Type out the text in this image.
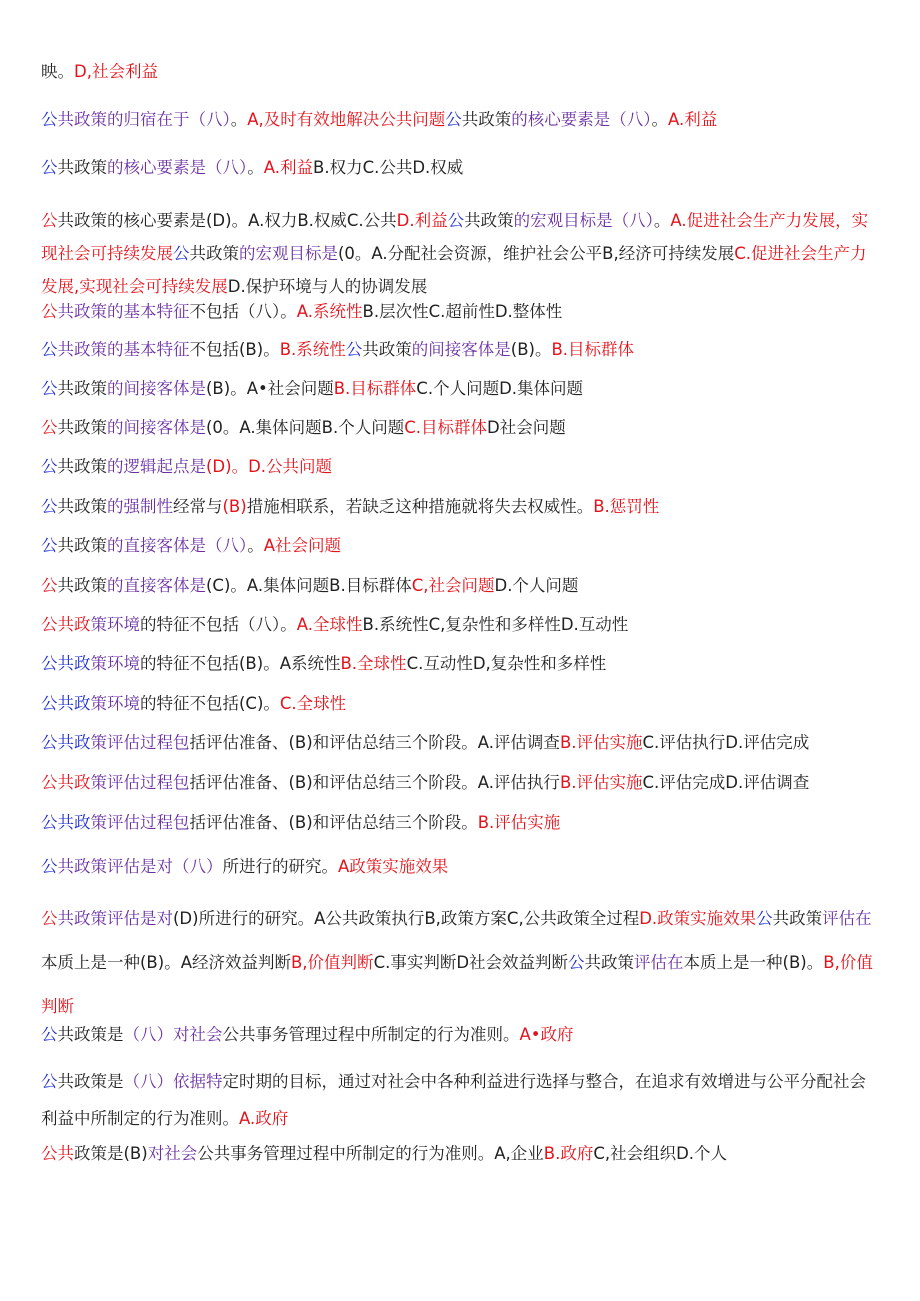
映。D,社会利益
公共政策的归宿在于（八）。A,及时有效地解决公共问题公共政策的核心要素是（八）。A.利益
公共政策的核心要素是（八）。A.利益B.权力C.公共D.权威
公共政策的核心要素是(D)。A.权力B.权威C.公共D.利益公共政策的宏观目标是（八）。A.促进社会生产力发展，实现社会可持续发展公共政策的宏观目标是(0。A.分配社会资源，维护社会公平B,经济可持续发展C.促进社会生产力发展,实现社会可持续发展D.保护环境与人的协调发展
公共政策的基本特征不包括（八）。A.系统性B.层次性C.超前性D.整体性
公共政策的基本特征不包括(B)。B.系统性公共政策的间接客体是(B)。B.目标群体
公共政策的间接客体是(B)。A•社会问题B.目标群体C.个人问题D.集体问题
公共政策的间接客体是(0。A.集体问题B.个人问题C.目标群体D社会问题
公共政策的逻辑起点是(D)。D.公共问题
公共政策的强制性经常与(B)措施相联系，若缺乏这种措施就将失去权威性。B.惩罚性
公共政策的直接客体是（八）。A社会问题
公共政策的直接客体是(C)。A.集体问题B.目标群体C,社会问题D.个人问题
公共政策环境的特征不包括（八）。A.全球性B.系统性C,复杂性和多样性D.互动性
公共政策环境的特征不包括(B)。A系统性B.全球性C.互动性D,复杂性和多样性
公共政策环境的特征不包括(C)。C.全球性
公共政策评估过程包括评估准备、(B)和评估总结三个阶段。A.评估调查B.评估实施C.评估执行D.评估完成
公共政策评估过程包括评估准备、(B)和评估总结三个阶段。A.评估执行B.评估实施C.评估完成D.评估调查
公共政策评估过程包括评估准备、(B)和评估总结三个阶段。B.评估实施
公共政策评估是对（八）所进行的研究。A政策实施效果
公共政策评估是对(D)所进行的研究。A公共政策执行B,政策方案C,公共政策全过程D.政策实施效果公共政策评估在本质上是一种(B)。A经济效益判断B,价值判断C.事实判断D社会效益判断公共政策评估在本质上是一种(B)。B,价值判断
公共政策是（八）对社会公共事务管理过程中所制定的行为准则。A•政府
公共政策是（八）依据特定时期的目标，通过对社会中各种利益进行选择与整合，在追求有效增进与公平分配社会利益中所制定的行为准则。A.政府
公共政策是(B)对社会公共事务管理过程中所制定的行为准则。A,企业B.政府C,社会组织D.个人
